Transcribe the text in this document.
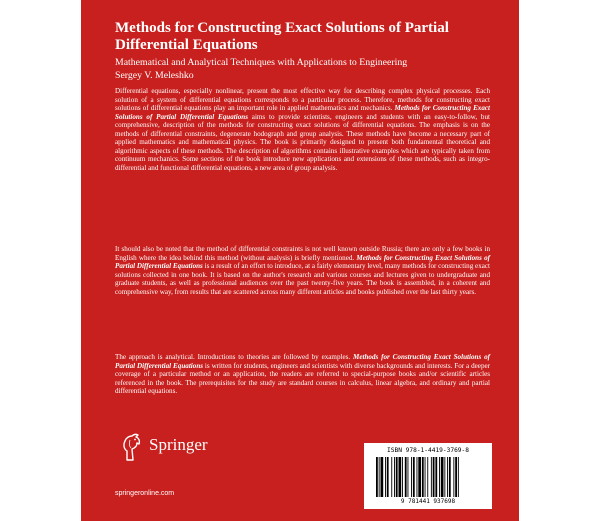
Methods for Constructing Exact Solutions of Partial Differential Equations

Mathematical and Analytical Techniques with Applications to Engineering

Sergey V. Meleshko

Differential equations, especially nonlinear, present the most effective way for describing complex physical processes. Each solution of a system of differential equations corresponds to a particular process. Therefore, methods for constructing exact solutions of differential equations play an important role in applied mathematics and mechanics. Methods for Constructing Exact Solutions of Partial Differential Equations aims to provide scientists, engineers and students with an easy-to-follow, but comprehensive, description of the methods for constructing exact solutions of differential equations. The emphasis is on the methods of differential constraints, degenerate hodograph and group analysis. These methods have become a necessary part of applied mathematics and mathematical physics. The book is primarily designed to present both fundamental theoretical and algorithmic aspects of these methods. The description of algorithms contains illustrative examples which are typically taken from continuum mechanics. Some sections of the book introduce new applications and extensions of these methods, such as integro-differential and functional differential equations, a new area of group analysis.

It should also be noted that the method of differential constraints is not well known outside Russia; there are only a few books in English where the idea behind this method (without analysis) is briefly mentioned. Methods for Constructing Exact Solutions of Partial Differential Equations is a result of an effort to introduce, at a fairly elementary level, many methods for constructing exact solutions collected in one book. It is based on the author's research and various courses and lectures given to undergraduate and graduate students, as well as professional audiences over the past twenty-five years. The book is assembled, in a coherent and comprehensive way, from results that are scattered across many different articles and books published over the last thirty years.

The approach is analytical. Introductions to theories are followed by examples. Methods for Constructing Exact Solutions of Partial Differential Equations is written for students, engineers and scientists with diverse backgrounds and interests. For a deeper coverage of a particular method or an application, the readers are referred to special-purpose books and/or scientific articles referenced in the book. The prerequisites for the study are standard courses in calculus, linear algebra, and ordinary and partial differential equations.

Springer
springeronline.com
ISBN 978-1-4419-3769-8
9 781441 937698
